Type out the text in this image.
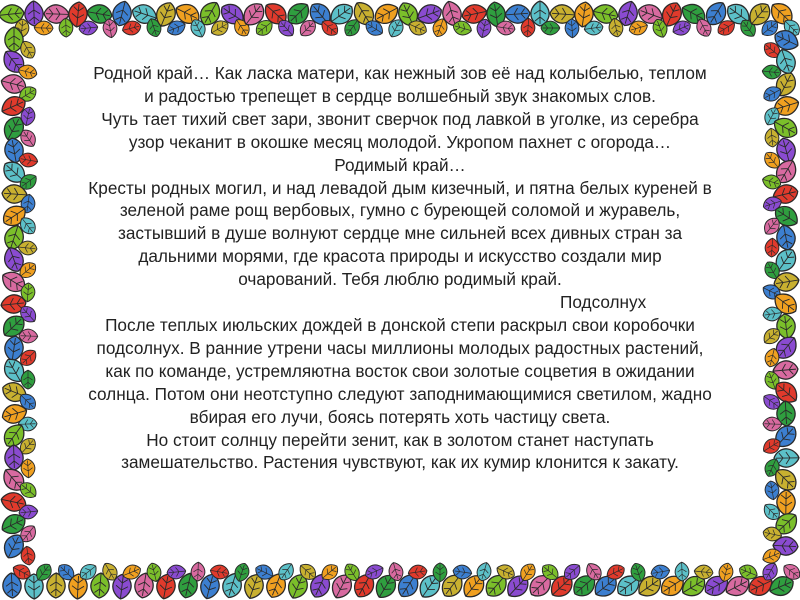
Родной край… Как ласка матери, как нежный зов её над колыбелью, теплом
и радостью трепещет в сердце волшебный звук знакомых слов.
Чуть тает тихий свет зари, звонит сверчок под лавкой в уголке, из серебра
узор чеканит в окошке месяц молодой. Укропом пахнет с огорода…
Родимый край…
Кресты родных могил, и над левадой дым кизечный, и пятна белых куреней в
зеленой раме рощ вербовых, гумно с буреющей соломой и журавель,
застывший в душе волнуют сердце мне сильней всех дивных стран за
дальними морями, где красота природы и искусство создали мир
очарований. Тебя люблю родимый край.
Подсолнух
После теплых июльских дождей в донской степи раскрыл свои коробочки
подсолнух. В ранние утрени часы миллионы молодых радостных растений,
как по команде, устремляютна восток свои золотые соцветия в ожидании
солнца. Потом они неотступно следуют заподнимающимися светилом, жадно
вбирая его лучи, боясь потерять хоть частицу света.
Но стоит солнцу перейти зенит, как в золотом станет наступать
замешательство. Растения чувствуют, как их кумир клонится к закату.
